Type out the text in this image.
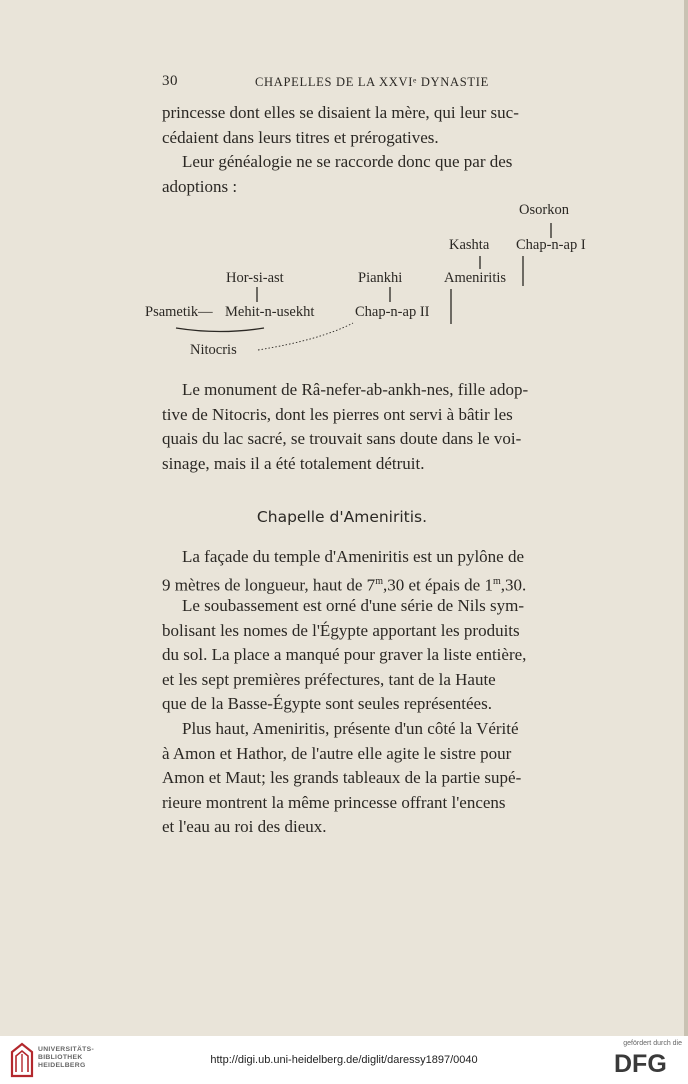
30	CHAPELLES DE LA XXVIᵉ DYNASTIE

princesse dont elles se disaient la mère, qui leur suc-
cédaient dans leurs titres et prérogatives.

Leur généalogie ne se raccorde donc que par des
adoptions :

Osorkon
Kashta Chap-n-ap I
Hor-si-ast	Piankhi	Ameniritis
Psametik— Mehit-n-usekht	Chap-n-ap II
Nitocris

Le monument de Râ-nefer-ab-ankh-nes, fille adop-
tive de Nitocris, dont les pierres ont servi à bâtir les
quais du lac sacré, se trouvait sans doute dans le voi-
sinage, mais il a été totalement détruit.

Chapelle d'Ameniritis.

La façade du temple d'Ameniritis est un pylône de
9 mètres de longueur, haut de 7$^m$,30 et épais de 1$^m$,30.

Le soubassement est orné d'une série de Nils sym-
bolisant les nomes de l'Égypte apportant les produits
du sol. La place a manqué pour graver la liste entière,
et les sept premières préfectures, tant de la Haute
que de la Basse-Égypte sont seules représentées.

Plus haut, Ameniritis, présente d'un côté la Vérité
à Amon et Hathor, de l'autre elle agite le sistre pour
Amon et Maut; les grands tableaux de la partie supé-
rieure montrent la même princesse offrant l'encens
et l'eau au roi des dieux.

UNIVERSITÄTS-
BIBLIOTHEK
HEIDELBERG	http://digi.ub.uni-heidelberg.de/diglit/daressy1897/0040
gefördert durch die
DFG
